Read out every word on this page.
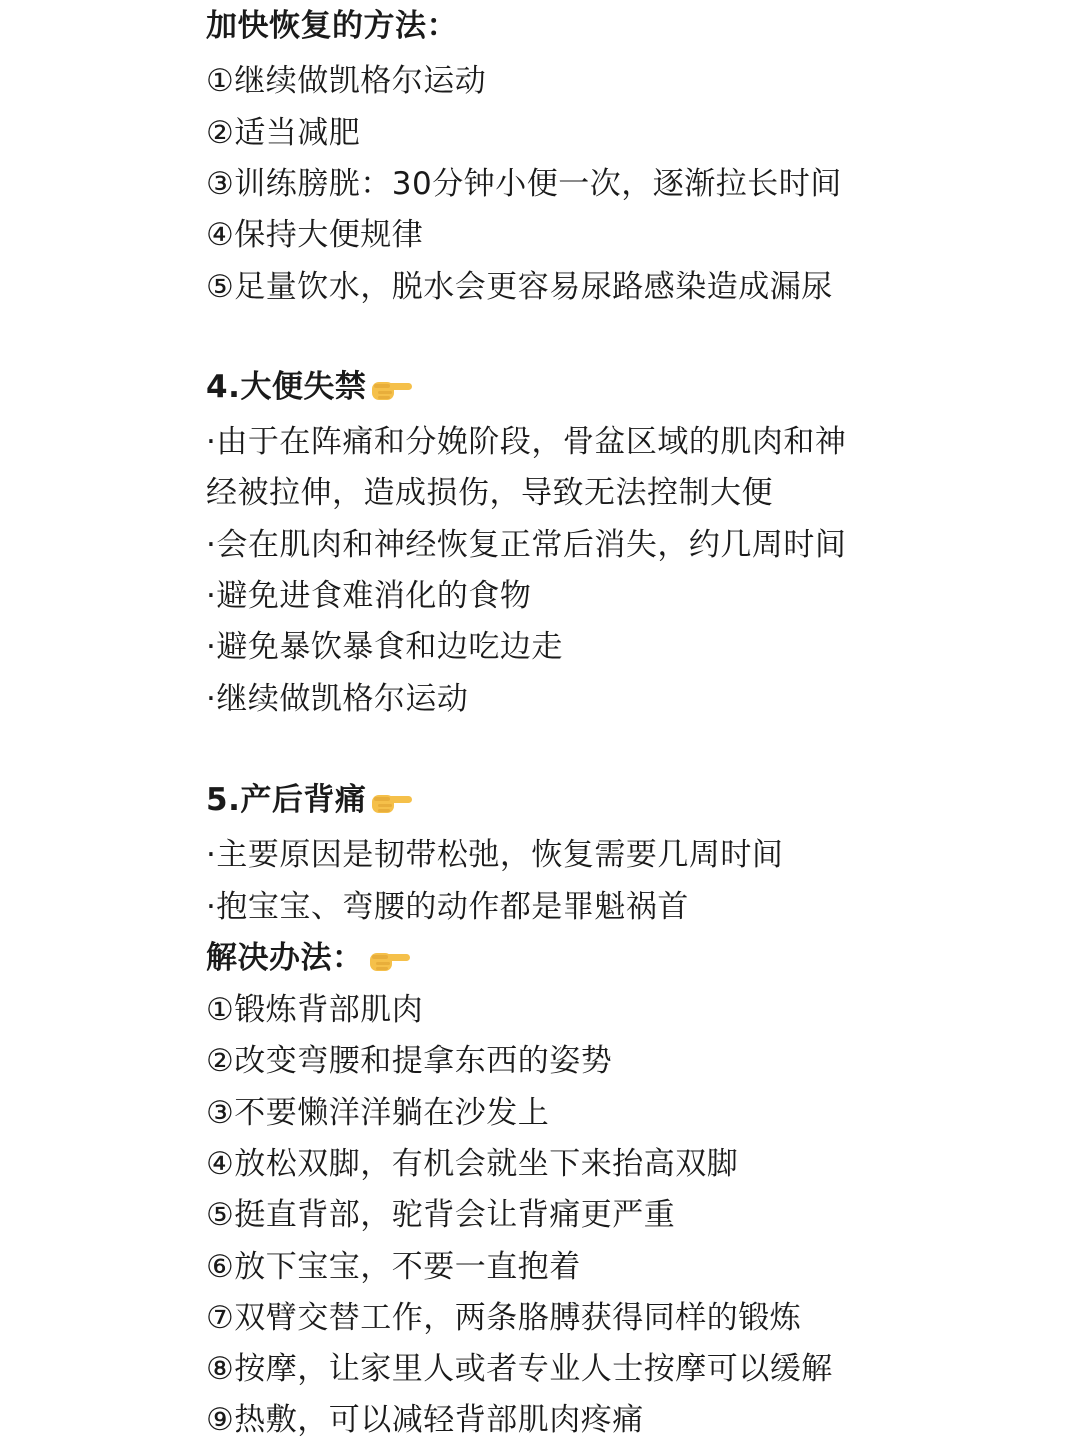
加快恢复的方法：
①继续做凯格尔运动
②适当减肥
③训练膀胱：30分钟小便一次，逐渐拉长时间
④保持大便规律
⑤足量饮水，脱水会更容易尿路感染造成漏尿
4.大便失禁
·由于在阵痛和分娩阶段，骨盆区域的肌肉和神
经被拉伸，造成损伤，导致无法控制大便
·会在肌肉和神经恢复正常后消失，约几周时间
·避免进食难消化的食物
·避免暴饮暴食和边吃边走
·继续做凯格尔运动
5.产后背痛
·主要原因是韧带松弛，恢复需要几周时间
·抱宝宝、弯腰的动作都是罪魁祸首
解决办法：
①锻炼背部肌肉
②改变弯腰和提拿东西的姿势
③不要懒洋洋躺在沙发上
④放松双脚，有机会就坐下来抬高双脚
⑤挺直背部，驼背会让背痛更严重
⑥放下宝宝，不要一直抱着
⑦双臂交替工作，两条胳膊获得同样的锻炼
⑧按摩，让家里人或者专业人士按摩可以缓解
⑨热敷，可以减轻背部肌肉疼痛
